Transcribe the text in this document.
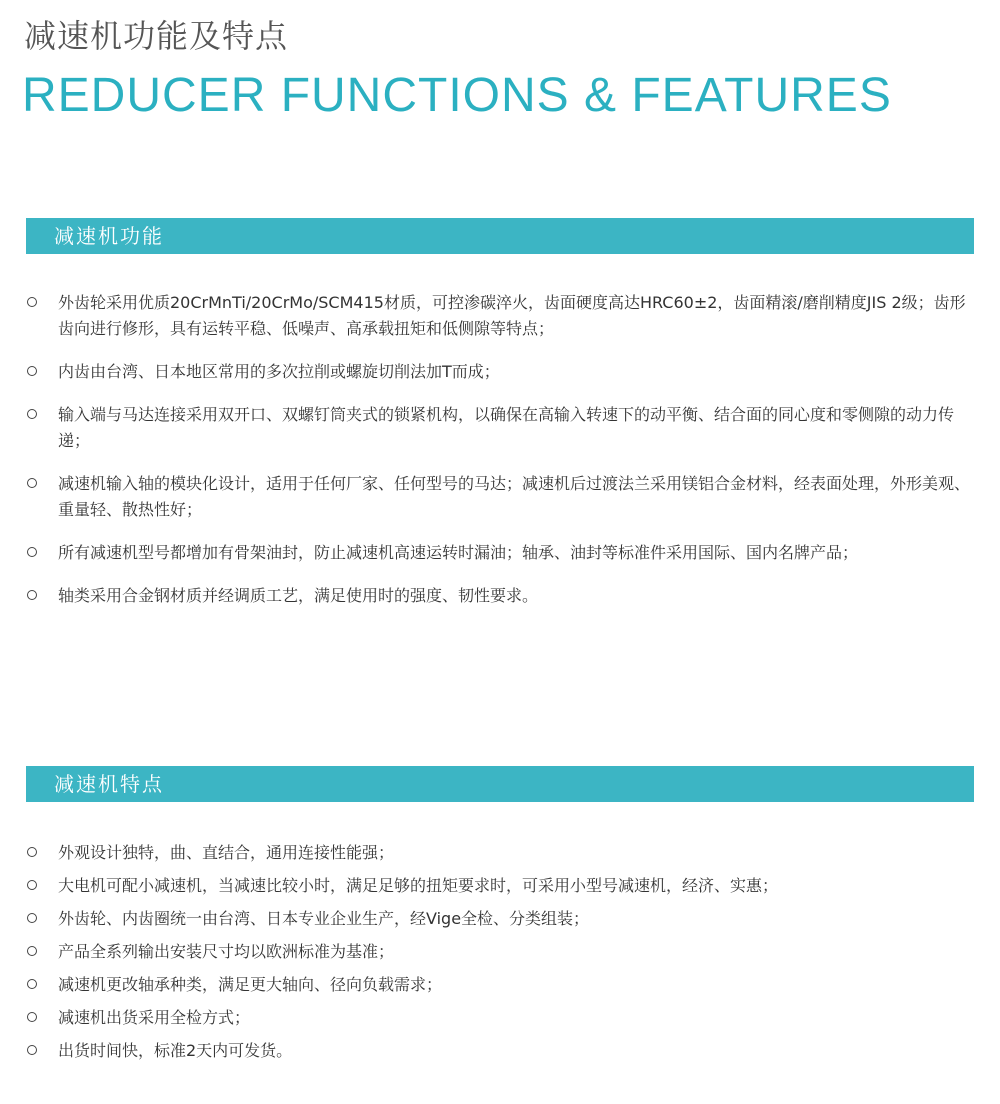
减速机功能及特点
REDUCER FUNCTIONS & FEATURES
减速机功能
外齿轮采用优质20CrMnTi/20CrMo/SCM415材质，可控渗碳淬火，齿面硬度高达HRC60±2，齿面精滚/磨削精度JIS 2级；齿形齿向进行修形，具有运转平稳、低噪声、高承载扭矩和低侧隙等特点；
内齿由台湾、日本地区常用的多次拉削或螺旋切削法加T而成；
输入端与马达连接采用双开口、双螺钉筒夹式的锁紧机构，以确保在高输入转速下的动平衡、结合面的同心度和零侧隙的动力传递；
减速机输入轴的模块化设计，适用于任何厂家、任何型号的马达；减速机后过渡法兰采用镁铝合金材料，经表面处理，外形美观、重量轻、散热性好；
所有减速机型号都增加有骨架油封，防止减速机高速运转时漏油；轴承、油封等标准件采用国际、国内名牌产品；
轴类采用合金钢材质并经调质工艺，满足使用时的强度、韧性要求。
减速机特点
外观设计独特，曲、直结合，通用连接性能强；
大电机可配小减速机，当减速比较小时，满足足够的扭矩要求时，可采用小型号减速机，经济、实惠；
外齿轮、内齿圈统一由台湾、日本专业企业生产，经Vige全检、分类组装；
产品全系列输出安装尺寸均以欧洲标准为基准；
减速机更改轴承种类，满足更大轴向、径向负载需求；
减速机出货采用全检方式；
出货时间快，标准2天内可发货。
